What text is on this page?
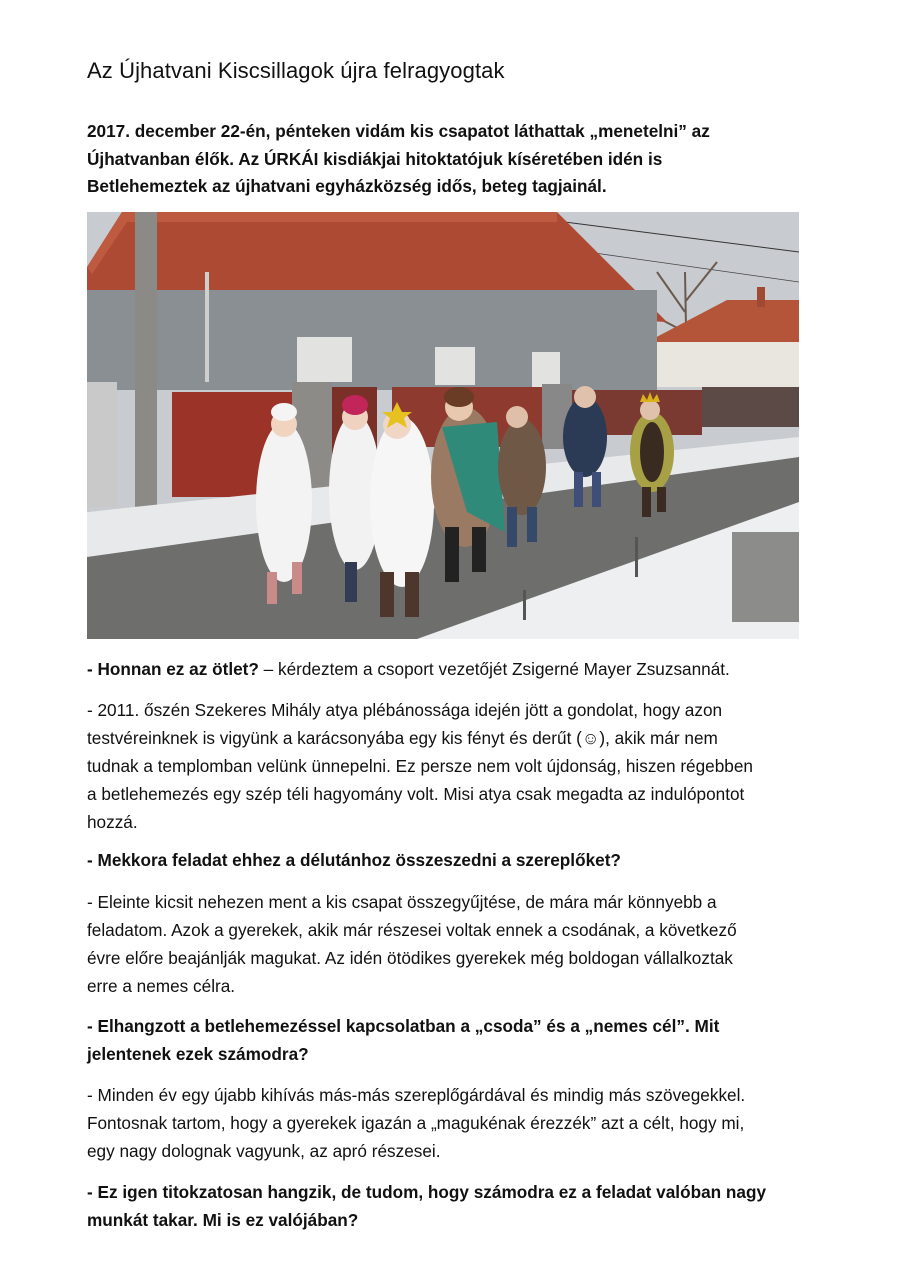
Az Újhatvani Kiscsillagok újra felragyogtak

2017. december 22-én, pénteken vidám kis csapatot láthattak „menetelni” az
Újhatvanban élők. Az ÚRKÁI kisdiákjai hitoktatójuk kíséretében idén is
Betlehemeztek az újhatvani egyházközség idős, beteg tagjainál.

- Honnan ez az ötlet? – kérdeztem a csoport vezetőjét Zsigerné Mayer Zsuzsannát.

- 2011. őszén Szekeres Mihály atya plébánossága idején jött a gondolat, hogy azon
testvéreinknek is vigyünk a karácsonyába egy kis fényt és derűt (☺), akik már nem
tudnak a templomban velünk ünnepelni. Ez persze nem volt újdonság, hiszen régebben
a betlehemezés egy szép téli hagyomány volt. Misi atya csak megadta az indulópontot
hozzá.

- Mekkora feladat ehhez a délutánhoz összeszedni a szereplőket?

- Eleinte kicsit nehezen ment a kis csapat összegyűjtése, de mára már könnyebb a
feladatom. Azok a gyerekek, akik már részesei voltak ennek a csodának, a következő
évre előre beajánlják magukat. Az idén ötödikes gyerekek még boldogan vállalkoztak
erre a nemes célra.

- Elhangzott a betlehemezéssel kapcsolatban a „csoda” és a „nemes cél”. Mit
jelentenek ezek számodra?

- Minden év egy újabb kihívás más-más szereplőgárdával és mindig más szövegekkel.
Fontosnak tartom, hogy a gyerekek igazán a „magukénak érezzék” azt a célt, hogy mi,
egy nagy dolognak vagyunk, az apró részesei.

- Ez igen titokzatosan hangzik, de tudom, hogy számodra ez a feladat valóban nagy
munkát takar. Mi is ez valójában?
